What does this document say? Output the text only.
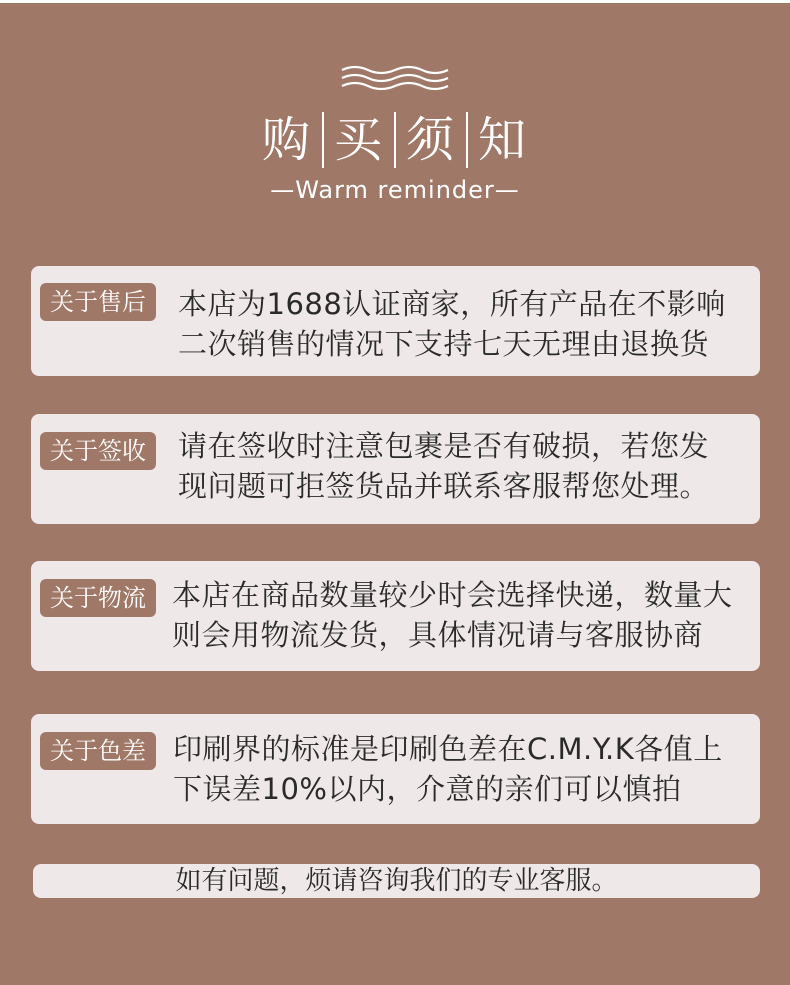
购 买 须 知
—Warm reminder—
关于售后	本店为1688认证商家，所有产品在不影响
二次销售的情况下支持七天无理由退换货
关于签收	请在签收时注意包裹是否有破损，若您发
现问题可拒签货品并联系客服帮您处理。
关于物流 本店在商品数量较少时会选择快递，数量大
则会用物流发货，具体情况请与客服协商
关于色差 印刷界的标准是印刷色差在C.M.Y.K各值上
下误差10%以内，介意的亲们可以慎拍
如有问题，烦请咨询我们的专业客服。
